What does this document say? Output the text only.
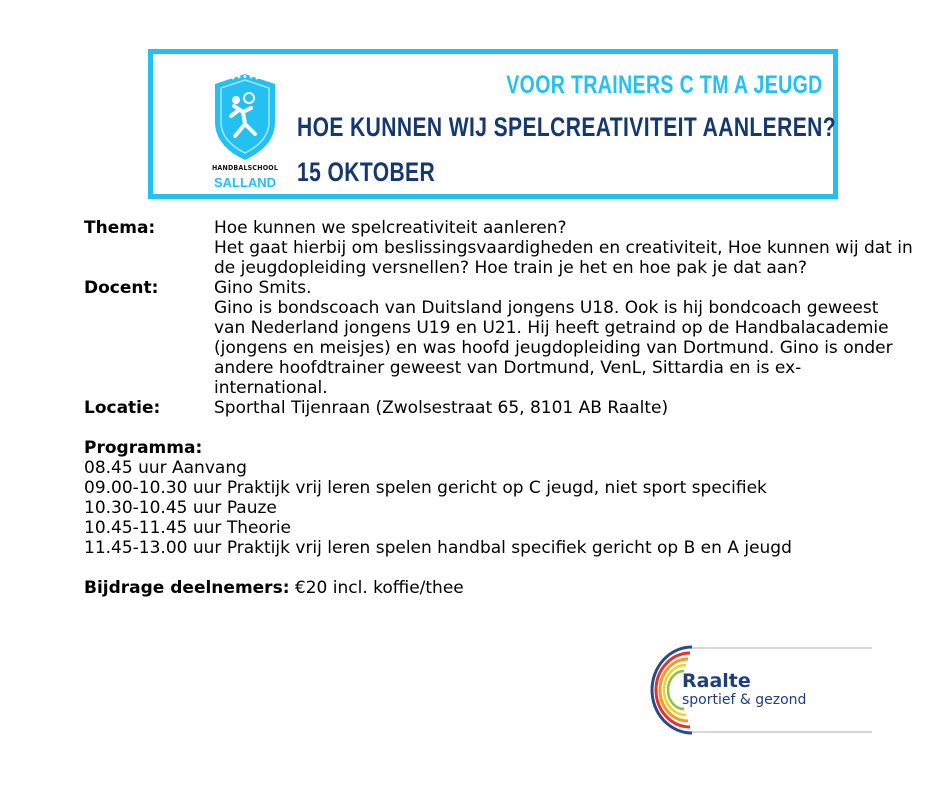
HANDBALSCHOOL
SALLAND
VOOR TRAINERS C TM A JEUGD
HOE KUNNEN WIJ SPELCREATIVITEIT AANLEREN?
15 OKTOBER
Thema:	Hoe kunnen we spelcreativiteit aanleren?
Het gaat hierbij om beslissingsvaardigheden en creativiteit, Hoe kunnen wij dat in de jeugdopleiding versnellen? Hoe train je het en hoe pak je dat aan?
Docent:	Gino Smits.
Gino is bondscoach van Duitsland jongens U18. Ook is hij bondcoach geweest van Nederland jongens U19 en U21. Hij heeft getraind op de Handbalacademie (jongens en meisjes) en was hoofd jeugdopleiding van Dortmund. Gino is onder andere hoofdtrainer geweest van Dortmund, VenL, Sittardia en is ex-international.
Locatie:	Sporthal Tijenraan (Zwolsestraat 65, 8101 AB Raalte)
Programma:
08.45 uur Aanvang
09.00-10.30 uur Praktijk vrij leren spelen gericht op C jeugd, niet sport specifiek
10.30-10.45 uur Pauze
10.45-11.45 uur Theorie
11.45-13.00 uur Praktijk vrij leren spelen handbal specifiek gericht op B en A jeugd
Bijdrage deelnemers: €20 incl. koffie/thee
Raalte
sportief & gezond
